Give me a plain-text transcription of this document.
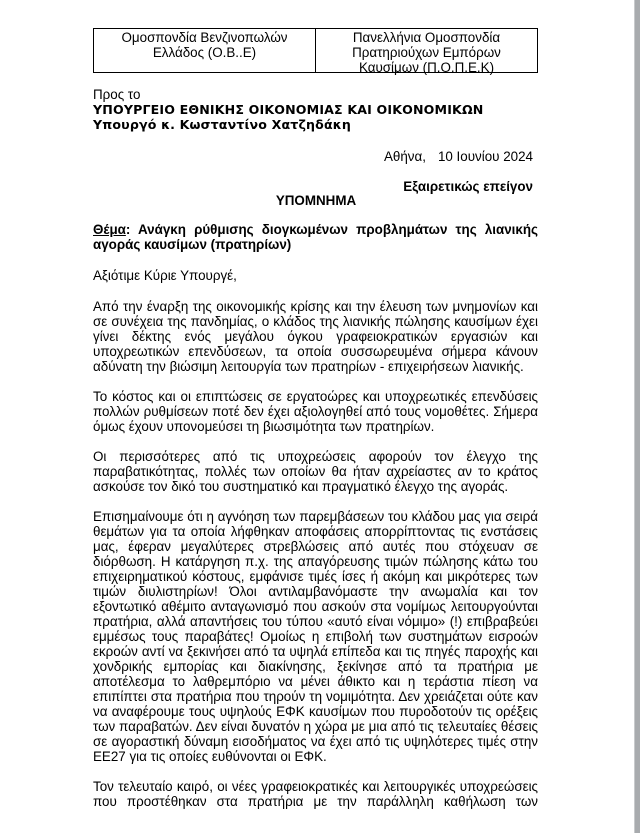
Ομοσπονδία Βενζινοπωλών
Ελλάδος (Ο.Β..Ε)
Πανελλήνια Ομοσπονδία
Πρατηριούχων Εμπόρων
Καυσίμων (Π.Ο.Π.Ε.Κ)
Προς το
ΥΠΟΥΡΓΕΙΟ ΕΘΝΙΚΗΣ ΟΙΚΟΝΟΜΙΑΣ ΚΑΙ ΟΙΚΟΝΟΜΙΚΩΝ
Υπουργό κ. Κωσταντίνο Χατζηδάκη
Αθήνα, 10 Ιουνίου 2024
Εξαιρετικώς επείγον
ΥΠΟΜΝΗΜΑ

Θέμα: Ανάγκη ρύθμισης διογκωμένων προβλημάτων της λιανικής αγοράς καυσίμων (πρατηρίων)

Αξιότιμε Κύριε Υπουργέ,

Από την έναρξη της οικονομικής κρίσης και την έλευση των μνημονίων και σε συνέχεια της πανδημίας, ο κλάδος της λιανικής πώλησης καυσίμων έχει γίνει δέκτης ενός μεγάλου όγκου γραφειοκρατικών εργασιών και υποχρεωτικών επενδύσεων, τα οποία συσσωρευμένα σήμερα κάνουν αδύνατη την βιώσιμη λειτουργία των πρατηρίων - επιχειρήσεων λιανικής.

Το κόστος και οι επιπτώσεις σε εργατοώρες και υποχρεωτικές επενδύσεις πολλών ρυθμίσεων ποτέ δεν έχει αξιολογηθεί από τους νομοθέτες. Σήμερα όμως έχουν υπονομεύσει τη βιωσιμότητα των πρατηρίων.

Οι περισσότερες από τις υποχρεώσεις αφορούν τον έλεγχο της παραβατικότητας, πολλές των οποίων θα ήταν αχρείαστες αν το κράτος ασκούσε τον δικό του συστηματικό και πραγματικό έλεγχο της αγοράς.

Επισημαίνουμε ότι η αγνόηση των παρεμβάσεων του κλάδου μας για σειρά θεμάτων για τα οποία λήφθηκαν αποφάσεις απορρίπτοντας τις ενστάσεις μας, έφεραν μεγαλύτερες στρεβλώσεις από αυτές που στόχευαν σε διόρθωση. Η κατάργηση π.χ. της απαγόρευσης τιμών πώλησης κάτω του επιχειρηματικού κόστους, εμφάνισε τιμές ίσες ή ακόμη και μικρότερες των τιμών διυλιστηρίων! Όλοι αντιλαμβανόμαστε την ανωμαλία και τον εξοντωτικό αθέμιτο ανταγωνισμό που ασκούν στα νομίμως λειτουργούνται πρατήρια, αλλά απαντήσεις του τύπου «αυτό είναι νόμιμο» (!) επιβραβεύει εμμέσως τους παραβάτες! Ομοίως η επιβολή των συστημάτων εισροών εκροών αντί να ξεκινήσει από τα υψηλά επίπεδα και τις πηγές παροχής και χονδρικής εμπορίας και διακίνησης, ξεκίνησε από τα πρατήρια με αποτέλεσμα το λαθρεμπόριο να μένει άθικτο και η τεράστια πίεση να επιπίπτει στα πρατήρια που τηρούν τη νομιμότητα. Δεν χρειάζεται ούτε καν να αναφέρουμε τους υψηλούς ΕΦΚ καυσίμων που πυροδοτούν τις ορέξεις των παραβατών. Δεν είναι δυνατόν η χώρα με μια από τις τελευταίες θέσεις σε αγοραστική δύναμη εισοδήματος να έχει από τις υψηλότερες τιμές στην ΕΕ27 για τις οποίες ευθύνονται οι ΕΦΚ.

Τον τελευταίο καιρό, οι νέες γραφειοκρατικές και λειτουργικές υποχρεώσεις που προστέθηκαν στα πρατήρια με την παράλληλη καθήλωση των
